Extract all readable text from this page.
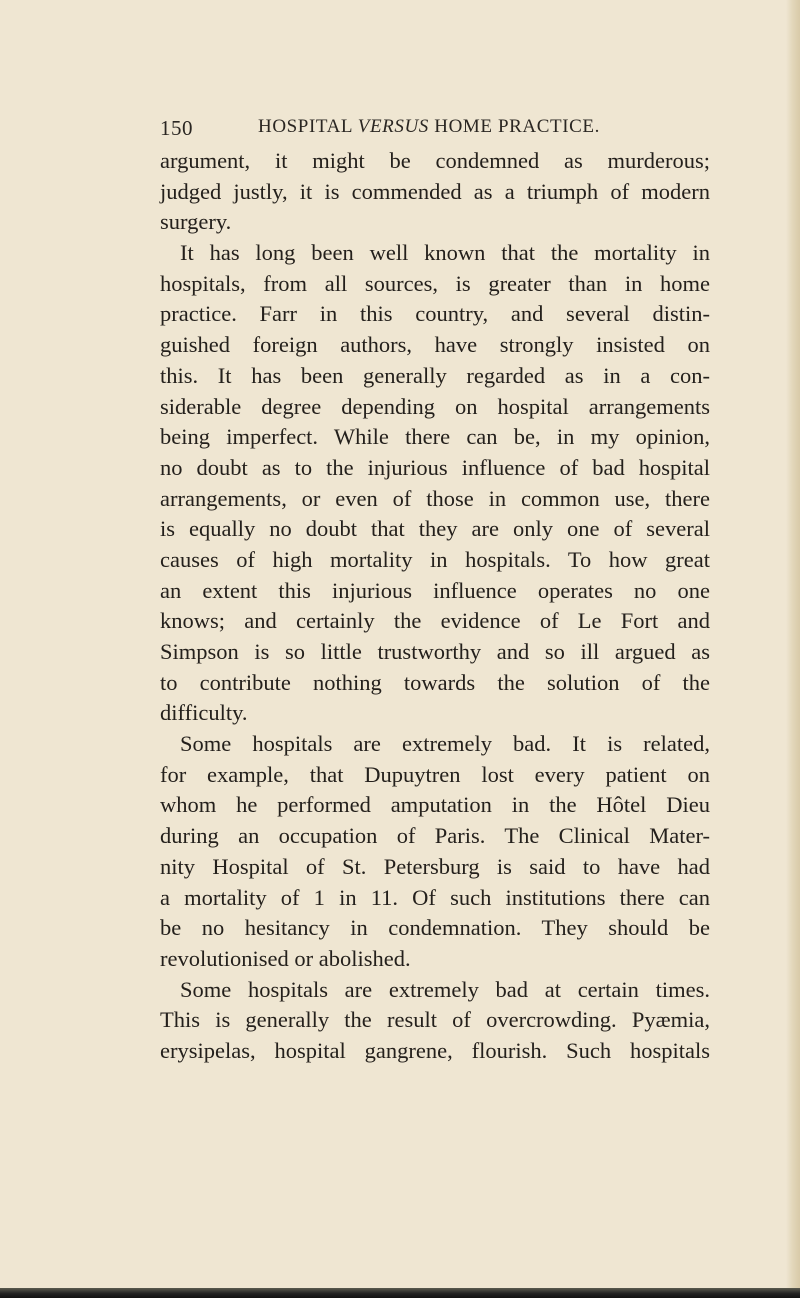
150	HOSPITAL VERSUS HOME PRACTICE.
argument, it might be condemned as murderous;
judged justly, it is commended as a triumph of modern
surgery.
It has long been well known that the mortality in
hospitals, from all sources, is greater than in home
practice. Farr in this country, and several distin-
guished foreign authors, have strongly insisted on
this. It has been generally regarded as in a con-
siderable degree depending on hospital arrangements
being imperfect. While there can be, in my opinion,
no doubt as to the injurious influence of bad hospital
arrangements, or even of those in common use, there
is equally no doubt that they are only one of several
causes of high mortality in hospitals. To how great
an extent this injurious influence operates no one
knows; and certainly the evidence of Le Fort and
Simpson is so little trustworthy and so ill argued as
to contribute nothing towards the solution of the
difficulty.
Some hospitals are extremely bad. It is related,
for example, that Dupuytren lost every patient on
whom he performed amputation in the Hôtel Dieu
during an occupation of Paris. The Clinical Mater-
nity Hospital of St. Petersburg is said to have had
a mortality of 1 in 11. Of such institutions there can
be no hesitancy in condemnation. They should be
revolutionised or abolished.
Some hospitals are extremely bad at certain times.
This is generally the result of overcrowding. Pyæmia,
erysipelas, hospital gangrene, flourish. Such hospitals
